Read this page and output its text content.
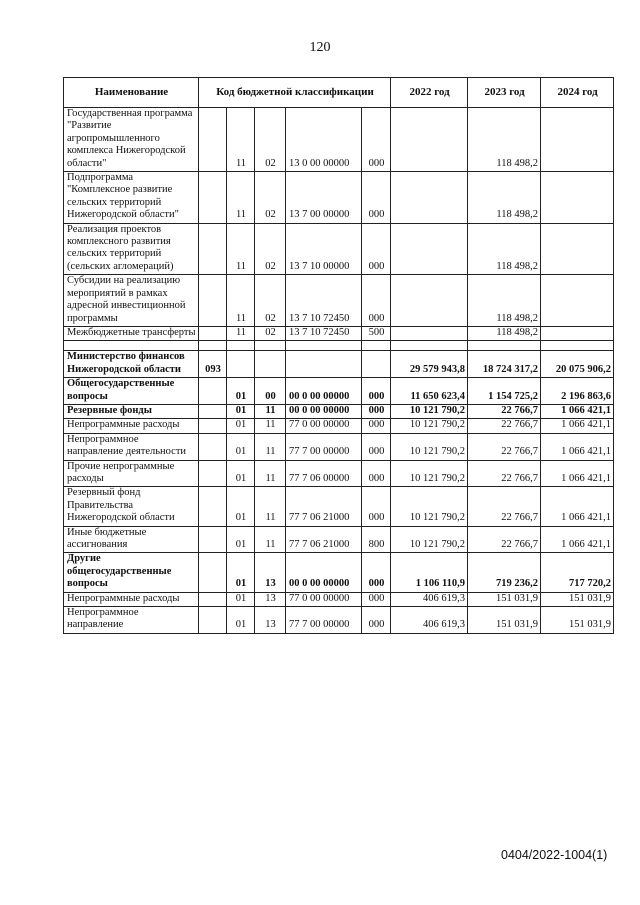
120
Наименование	Код бюджетной классификации					2022 год	2023 год	2024 год
Государственная программа "Развитие агропромышленного комплекса Нижегородской области"		11	02	13 0 00 00000	000		118 498,2	
Подпрограмма "Комплексное развитие сельских территорий Нижегородской области"		11	02	13 7 00 00000	000		118 498,2	
Реализация проектов комплексного развития сельских территорий (сельских агломераций)		11	02	13 7 10 00000	000		118 498,2	
Субсидии на реализацию мероприятий в рамках адресной инвестиционной программы		11	02	13 7 10 72450	000		118 498,2	
Межбюджетные трансферты		11	02	13 7 10 72450	500		118 498,2	

Министерство финансов Нижегородской области	093					29 579 943,8	18 724 317,2	20 075 906,2
Общегосударственные вопросы		01	00	00 0 00 00000	000	11 650 623,4	1 154 725,2	2 196 863,6
Резервные фонды		01	11	00 0 00 00000	000	10 121 790,2	22 766,7	1 066 421,1
Непрограммные расходы		01	11	77 0 00 00000	000	10 121 790,2	22 766,7	1 066 421,1
Непрограммное направление деятельности		01	11	77 7 00 00000	000	10 121 790,2	22 766,7	1 066 421,1
Прочие непрограммные расходы		01	11	77 7 06 00000	000	10 121 790,2	22 766,7	1 066 421,1
Резервный фонд Правительства Нижегородской области		01	11	77 7 06 21000	000	10 121 790,2	22 766,7	1 066 421,1
Иные бюджетные ассигнования		01	11	77 7 06 21000	800	10 121 790,2	22 766,7	1 066 421,1
Другие общегосударственные вопросы		01	13	00 0 00 00000	000	1 106 110,9	719 236,2	717 720,2
Непрограммные расходы		01	13	77 0 00 00000	000	406 619,3	151 031,9	151 031,9
Непрограммное направление		01	13	77 7 00 00000	000	406 619,3	151 031,9	151 031,9
0404/2022-1004(1)
